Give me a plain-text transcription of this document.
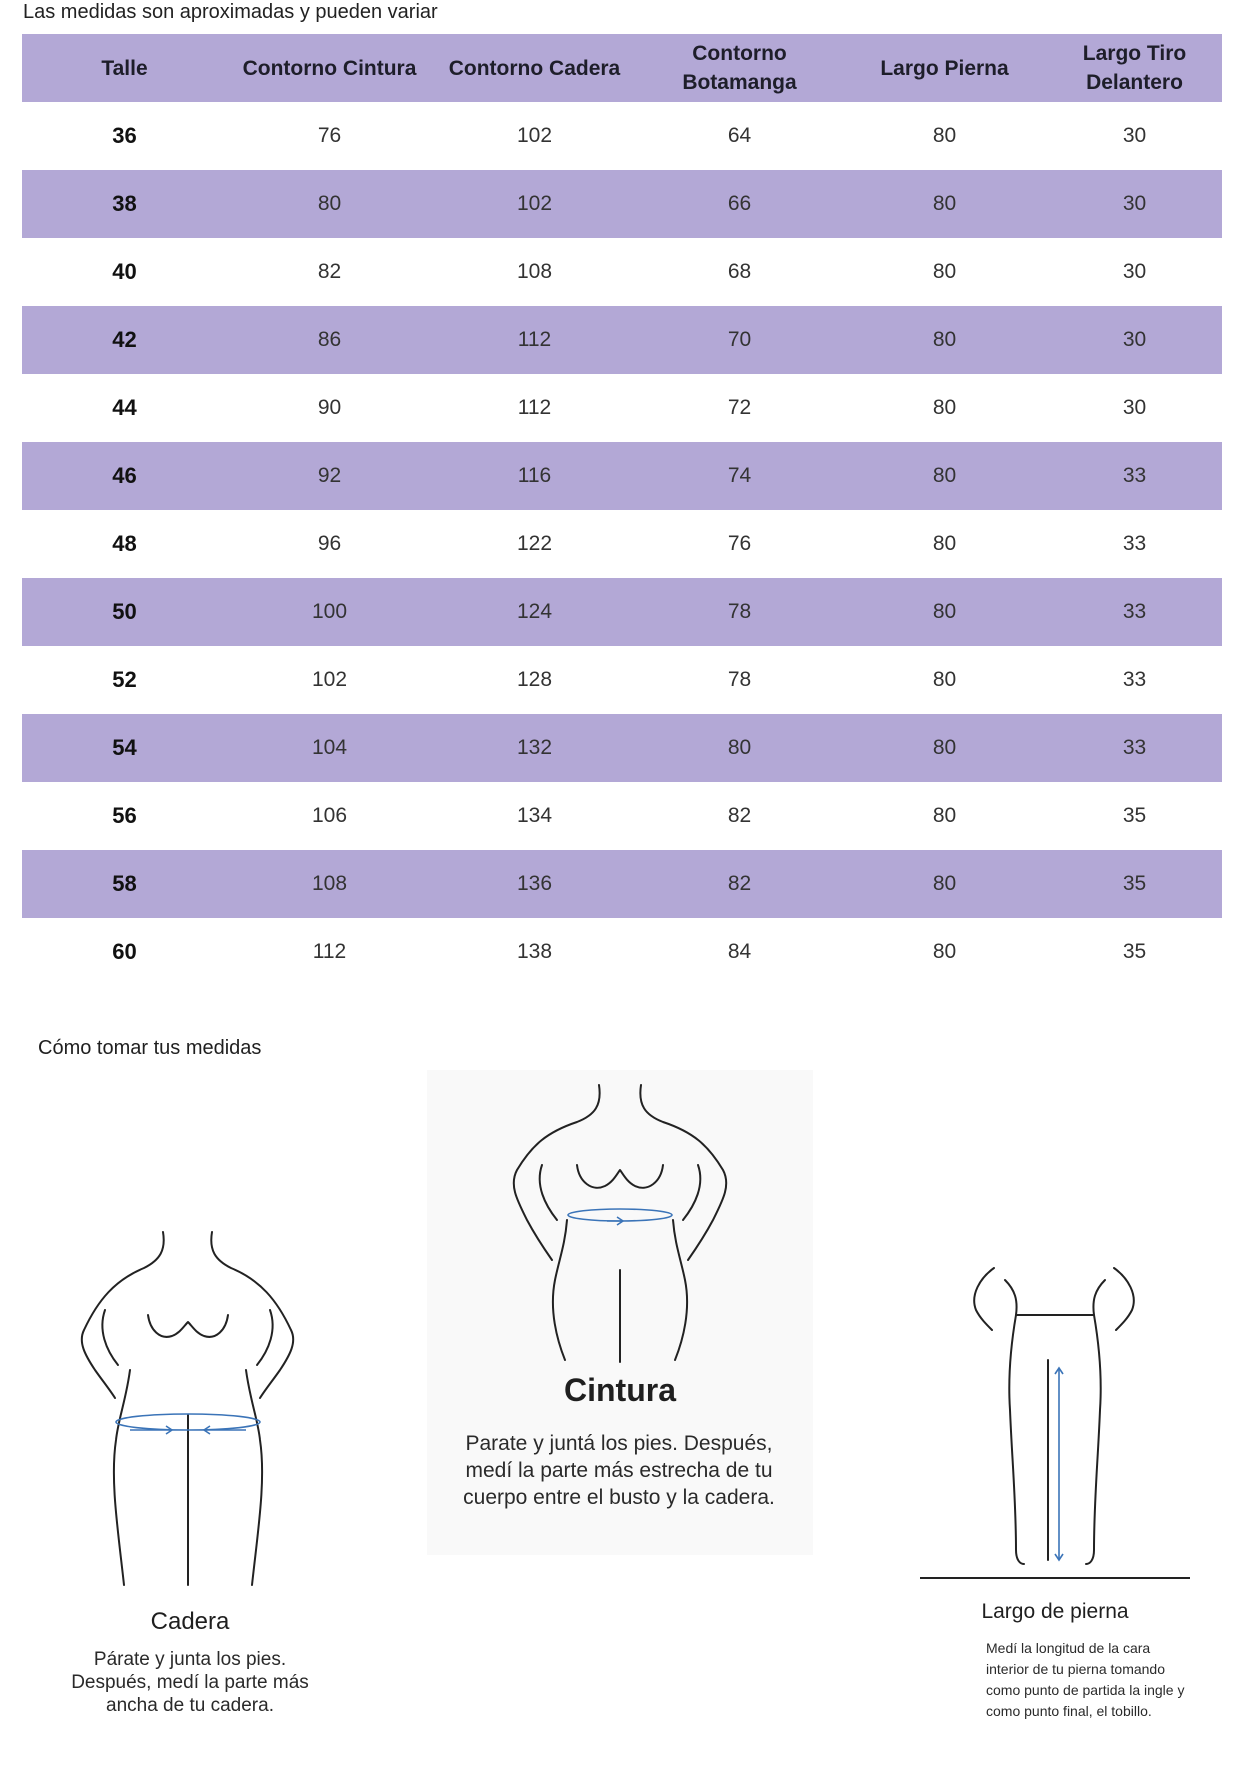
Las medidas son aproximadas y pueden variar
Talle	Contorno Cintura	Contorno Cadera	Contorno Botamanga	Largo Pierna	Largo Tiro Delantero
36	76	102	64	80	30
38	80	102	66	80	30
40	82	108	68	80	30
42	86	112	70	80	30
44	90	112	72	80	30
46	92	116	74	80	33
48	96	122	76	80	33
50	100	124	78	80	33
52	102	128	78	80	33
54	104	132	80	80	33
56	106	134	82	80	35
58	108	136	82	80	35
60	112	138	84	80	35
Cómo tomar tus medidas
Cintura
Parate y juntá los pies. Después, medí la parte más estrecha de tu cuerpo entre el busto y la cadera.
Cadera
Párate y junta los pies. Después, medí la parte más ancha de tu cadera.
Largo de pierna
Medí la longitud de la cara interior de tu pierna tomando como punto de partida la ingle y como punto final, el tobillo.
